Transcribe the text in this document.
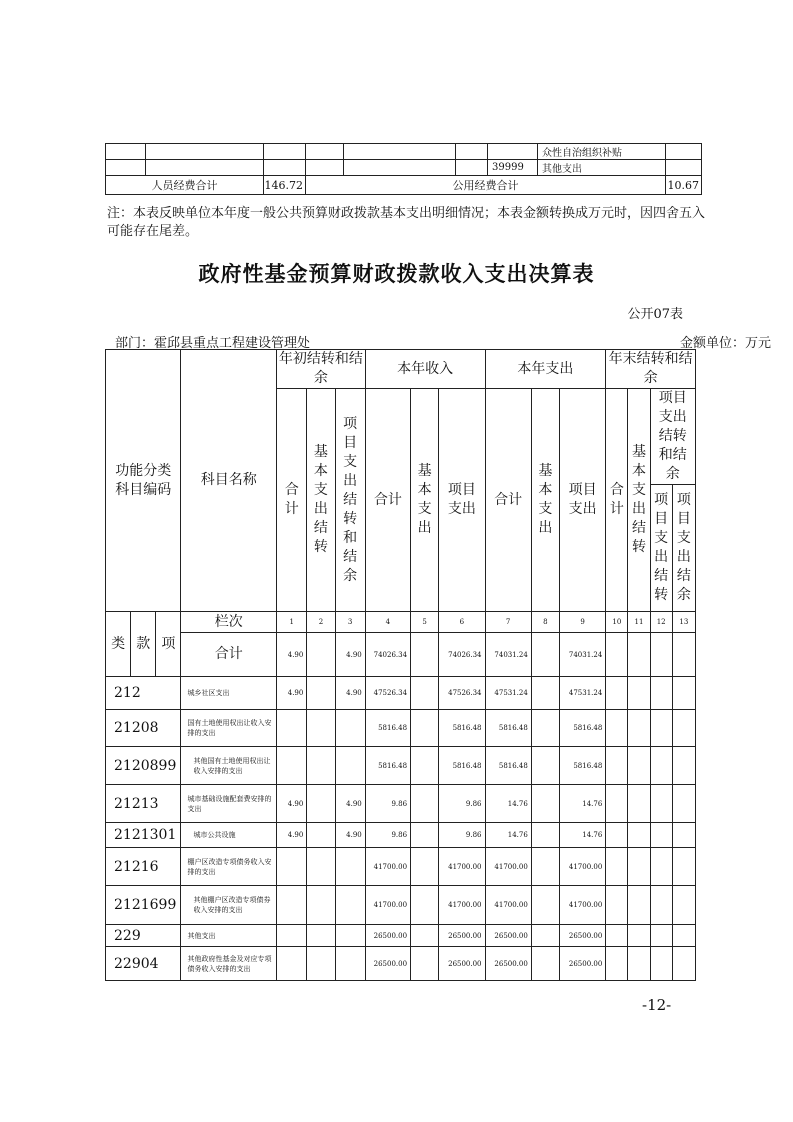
							众性自治组织补贴	
						39999	其他支出	
人员经费合计		146.72	公用经费合计					10.67
注：本表反映单位本年度一般公共预算财政拨款基本支出明细情况；本表金额转换成万元时，因四舍五入可能存在尾差。
政府性基金预算财政拨款收入支出决算表
公开07表
部门：霍邱县重点工程建设管理处	金额单位：万元
功能分类科目编码			科目名称	年初结转和结余			本年收入			本年支出			年末结转和结余			

				合计	基本支出结转	项目支出结转和结余	合计	基本支出	项目支出	合计	基本支出	项目支出	合计	基本支出结转	项目支出结转和结余	

															项目支出结转	项目支出结余

类	款	项	栏次	1	2	3	4	5	6	7	8	9	10	11	12	13
			合计	4.90		4.90	74026.34		74026.34	74031.24		74031.24				
212			城乡社区支出	4.90		4.90	47526.34		47526.34	47531.24		47531.24				
21208			国有土地使用权出让收入安排的支出				5816.48		5816.48	5816.48		5816.48				
2120899			其他国有土地使用权出让收入安排的支出				5816.48		5816.48	5816.48		5816.48				
21213			城市基础设施配套费安排的支出	4.90		4.90	9.86		9.86	14.76		14.76				
2121301			城市公共设施	4.90		4.90	9.86		9.86	14.76		14.76				
21216			棚户区改造专项债务收入安排的支出				41700.00		41700.00	41700.00		41700.00				
2121699			其他棚户区改造专项债券收入安排的支出				41700.00		41700.00	41700.00		41700.00				
229			其他支出				26500.00		26500.00	26500.00		26500.00				
22904			其他政府性基金及对应专项债务收入安排的支出				26500.00		26500.00	26500.00		26500.00				
-12-
